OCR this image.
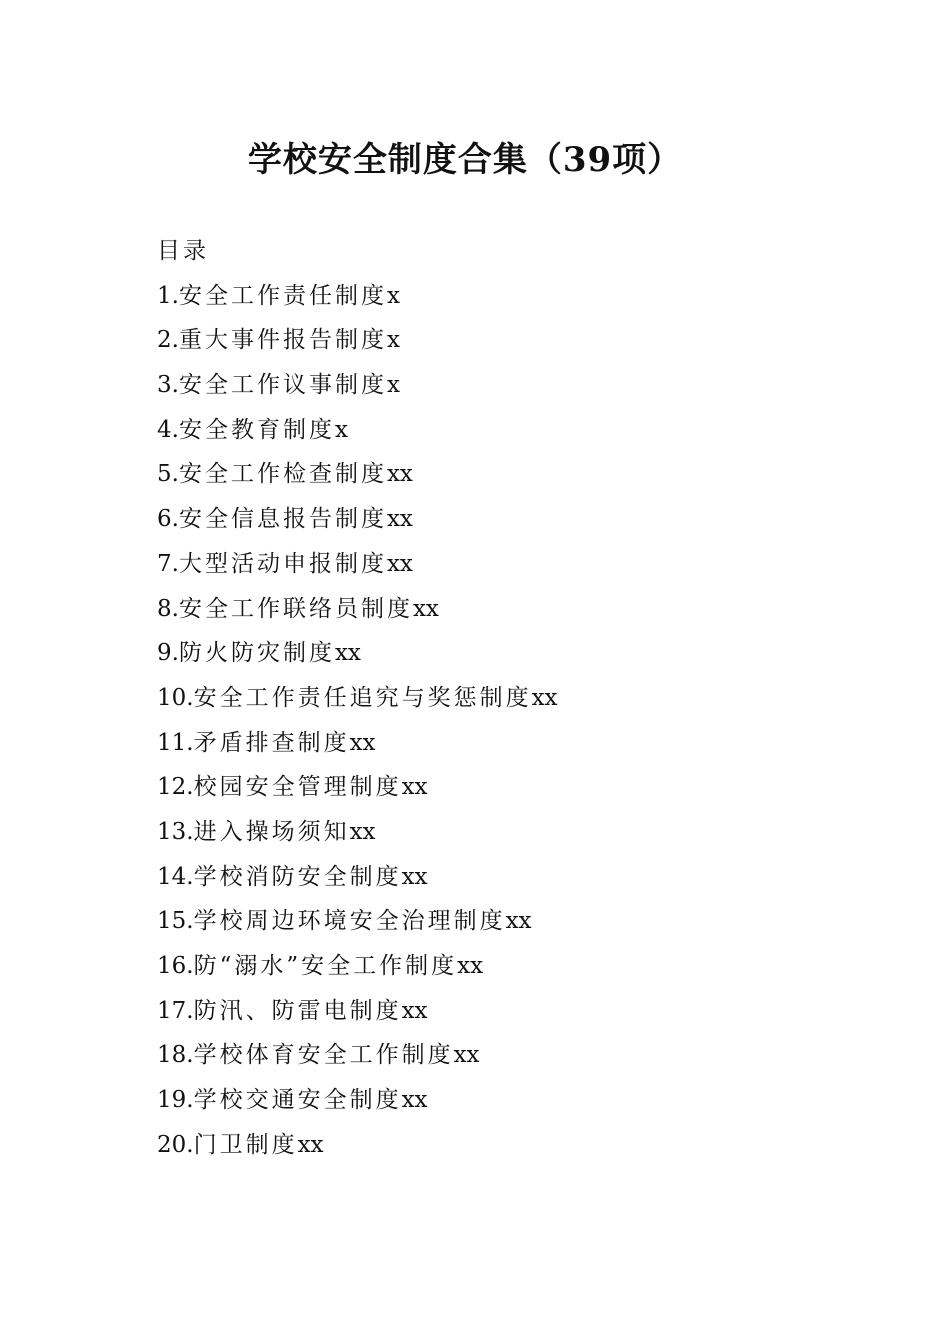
学校安全制度合集（39项）
目录
1.安全工作责任制度x
2.重大事件报告制度x
3.安全工作议事制度x
4.安全教育制度x
5.安全工作检查制度xx
6.安全信息报告制度xx
7.大型活动申报制度xx
8.安全工作联络员制度xx
9.防火防灾制度xx
10.安全工作责任追究与奖惩制度xx
11.矛盾排查制度xx
12.校园安全管理制度xx
13.进入操场须知xx
14.学校消防安全制度xx
15.学校周边环境安全治理制度xx
16.防“溺水”安全工作制度xx
17.防汛、防雷电制度xx
18.学校体育安全工作制度xx
19.学校交通安全制度xx
20.门卫制度xx
